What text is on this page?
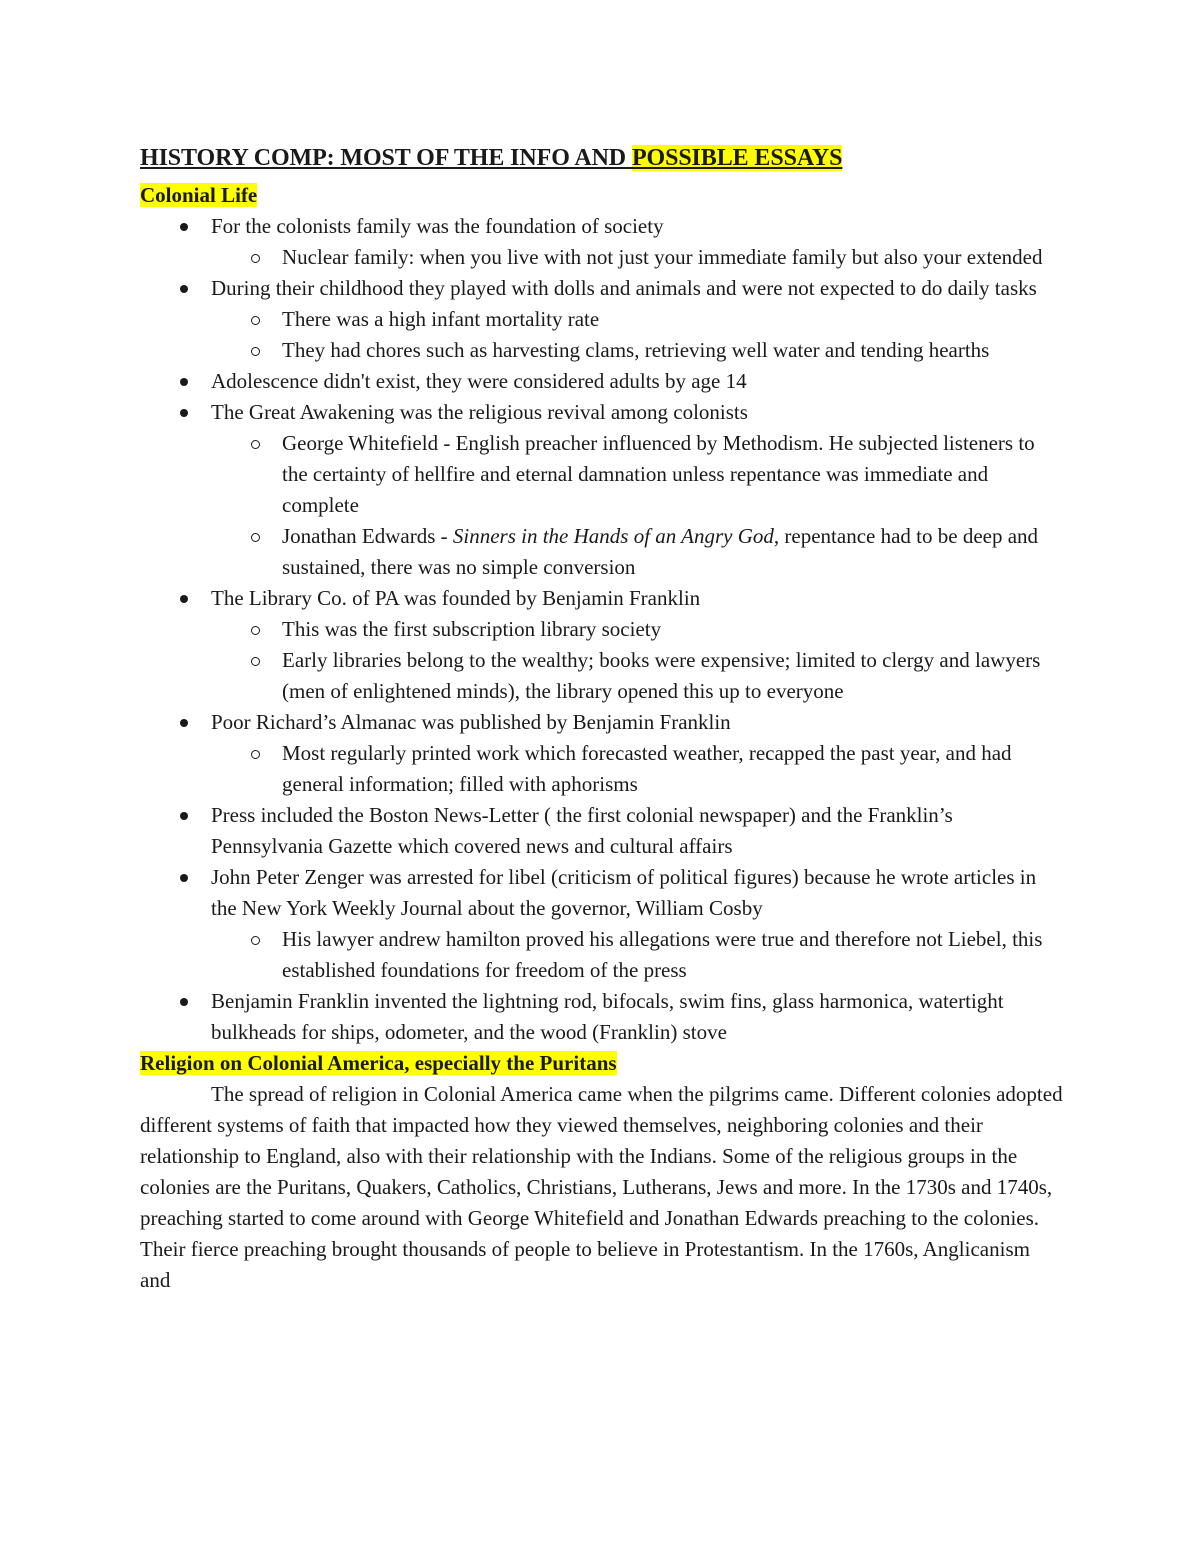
HISTORY COMP: MOST OF THE INFO AND POSSIBLE ESSAYS
Colonial Life
For the colonists family was the foundation of society
Nuclear family: when you live with not just your immediate family but also your extended
During their childhood they played with dolls and animals and were not expected to do daily tasks
There was a high infant mortality rate
They had chores such as harvesting clams, retrieving well water and tending hearths
Adolescence didn't exist, they were considered adults by age 14
The Great Awakening was the religious revival among colonists
George Whitefield - English preacher influenced by Methodism. He subjected listeners to the certainty of hellfire and eternal damnation unless repentance was immediate and complete
Jonathan Edwards - Sinners in the Hands of an Angry God, repentance had to be deep and sustained, there was no simple conversion
The Library Co. of PA was founded by Benjamin Franklin
This was the first subscription library society
Early libraries belong to the wealthy; books were expensive; limited to clergy and lawyers (men of enlightened minds), the library opened this up to everyone
Poor Richard’s Almanac was published by Benjamin Franklin
Most regularly printed work which forecasted weather, recapped the past year, and had general information; filled with aphorisms
Press included the Boston News-Letter ( the first colonial newspaper) and the Franklin’s Pennsylvania Gazette which covered news and cultural affairs
John Peter Zenger was arrested for libel (criticism of political figures) because he wrote articles in the New York Weekly Journal about the governor, William Cosby
His lawyer andrew hamilton proved his allegations were true and therefore not Liebel, this established foundations for freedom of the press
Benjamin Franklin invented the lightning rod, bifocals, swim fins, glass harmonica, watertight bulkheads for ships, odometer, and the wood (Franklin) stove
Religion on Colonial America, especially the Puritans

The spread of religion in Colonial America came when the pilgrims came. Different colonies adopted different systems of faith that impacted how they viewed themselves, neighboring colonies and their relationship to England, also with their relationship with the Indians. Some of the religious groups in the colonies are the Puritans, Quakers, Catholics, Christians, Lutherans, Jews and more. In the 1730s and 1740s, preaching started to come around with George Whitefield and Jonathan Edwards preaching to the colonies. Their fierce preaching brought thousands of people to believe in Protestantism. In the 1760s, Anglicanism and
